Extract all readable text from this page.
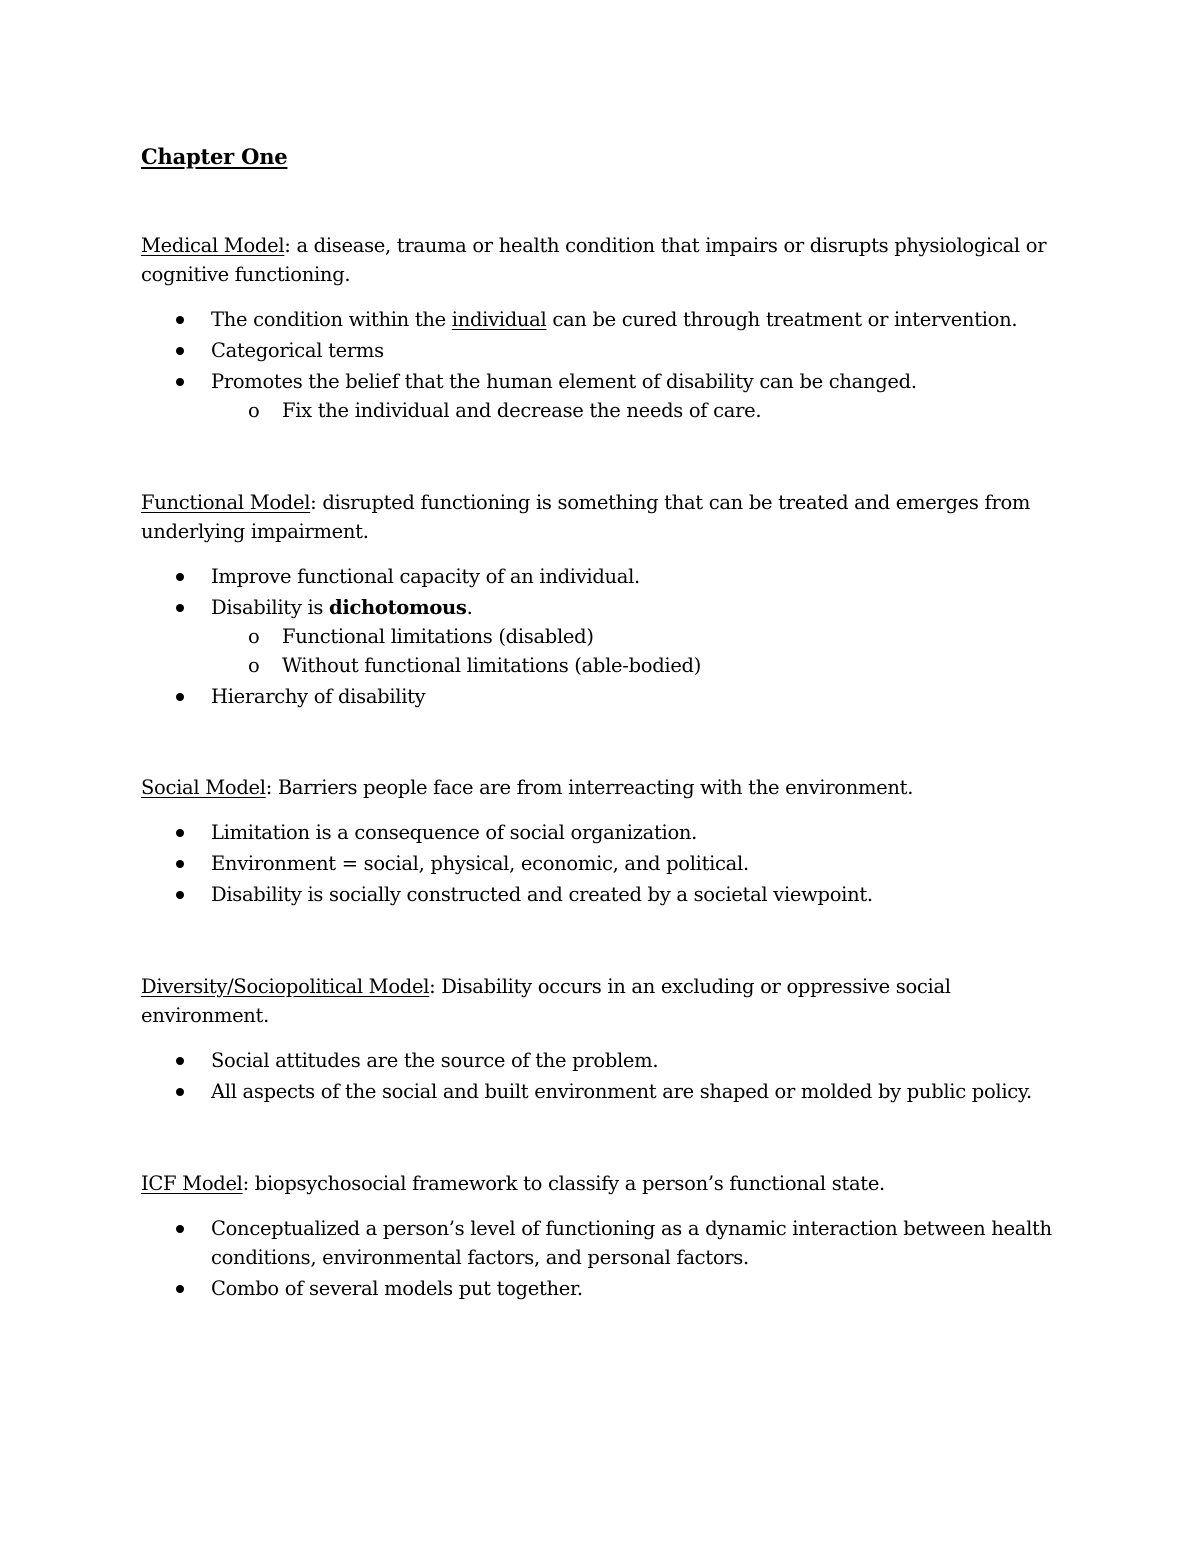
Chapter One

Medical Model: a disease, trauma or health condition that impairs or disrupts physiological or cognitive functioning.

The condition within the individual can be cured through treatment or intervention.
Categorical terms
Promotes the belief that the human element of disability can be changed.
o Fix the individual and decrease the needs of care.

Functional Model: disrupted functioning is something that can be treated and emerges from underlying impairment.

Improve functional capacity of an individual.
Disability is dichotomous.
o Functional limitations (disabled)
o Without functional limitations (able-bodied)
Hierarchy of disability

Social Model: Barriers people face are from interreacting with the environment.

Limitation is a consequence of social organization.
Environment = social, physical, economic, and political.
Disability is socially constructed and created by a societal viewpoint.

Diversity/Sociopolitical Model: Disability occurs in an excluding or oppressive social environment.

Social attitudes are the source of the problem.
All aspects of the social and built environment are shaped or molded by public policy.

ICF Model: biopsychosocial framework to classify a person’s functional state.

Conceptualized a person’s level of functioning as a dynamic interaction between health conditions, environmental factors, and personal factors.
Combo of several models put together.
